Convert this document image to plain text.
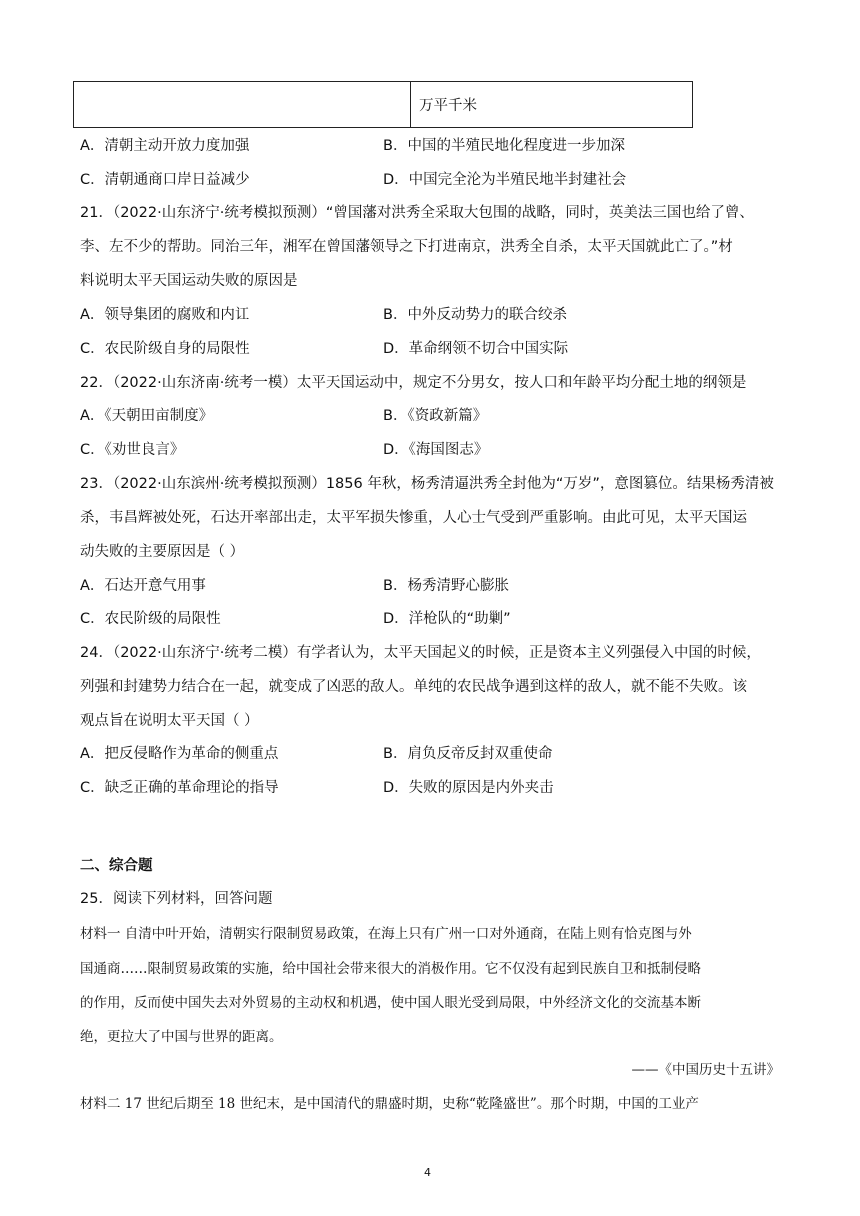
	万平千米
A．清朝主动开放力度加强	B．中国的半殖民地化程度进一步加深
C．清朝通商口岸日益减少	D．中国完全沦为半殖民地半封建社会
21．（2022·山东济宁·统考模拟预测）“曾国藩对洪秀全采取大包围的战略，同时，英美法三国也给了曾、
李、左不少的帮助。同治三年，湘军在曾国藩领导之下打进南京，洪秀全自杀，太平天国就此亡了。”材
料说明太平天国运动失败的原因是
A．领导集团的腐败和内讧	B．中外反动势力的联合绞杀
C．农民阶级自身的局限性	D．革命纲领不切合中国实际
22．（2022·山东济南·统考一模）太平天国运动中，规定不分男女，按人口和年龄平均分配土地的纲领是
A．《天朝田亩制度》	B．《资政新篇》
C．《劝世良言》	D．《海国图志》
23．（2022·山东滨州·统考模拟预测）1856 年秋，杨秀清逼洪秀全封他为“万岁”，意图篡位。结果杨秀清被
杀，韦昌辉被处死，石达开率部出走，太平军损失惨重，人心士气受到严重影响。由此可见，太平天国运
动失败的主要原因是（ ）
A．石达开意气用事	B．杨秀清野心膨胀
C．农民阶级的局限性	D．洋枪队的“助剿”
24．（2022·山东济宁·统考二模）有学者认为，太平天国起义的时候，正是资本主义列强侵入中国的时候，
列强和封建势力结合在一起，就变成了凶恶的敌人。单纯的农民战争遇到这样的敌人，就不能不失败。该
观点旨在说明太平天国（ ）
A．把反侵略作为革命的侧重点	B．肩负反帝反封双重使命
C．缺乏正确的革命理论的指导	D．失败的原因是内外夹击
二、综合题
25．阅读下列材料，回答问题
材料一 自清中叶开始，清朝实行限制贸易政策，在海上只有广州一口对外通商，在陆上则有恰克图与外
国通商……限制贸易政策的实施，给中国社会带来很大的消极作用。它不仅没有起到民族自卫和抵制侵略
的作用，反而使中国失去对外贸易的主动权和机遇，使中国人眼光受到局限，中外经济文化的交流基本断
绝，更拉大了中国与世界的距离。
——《中国历史十五讲》
材料二 17 世纪后期至 18 世纪末，是中国清代的鼎盛时期，史称“乾隆盛世”。那个时期，中国的工业产
4
